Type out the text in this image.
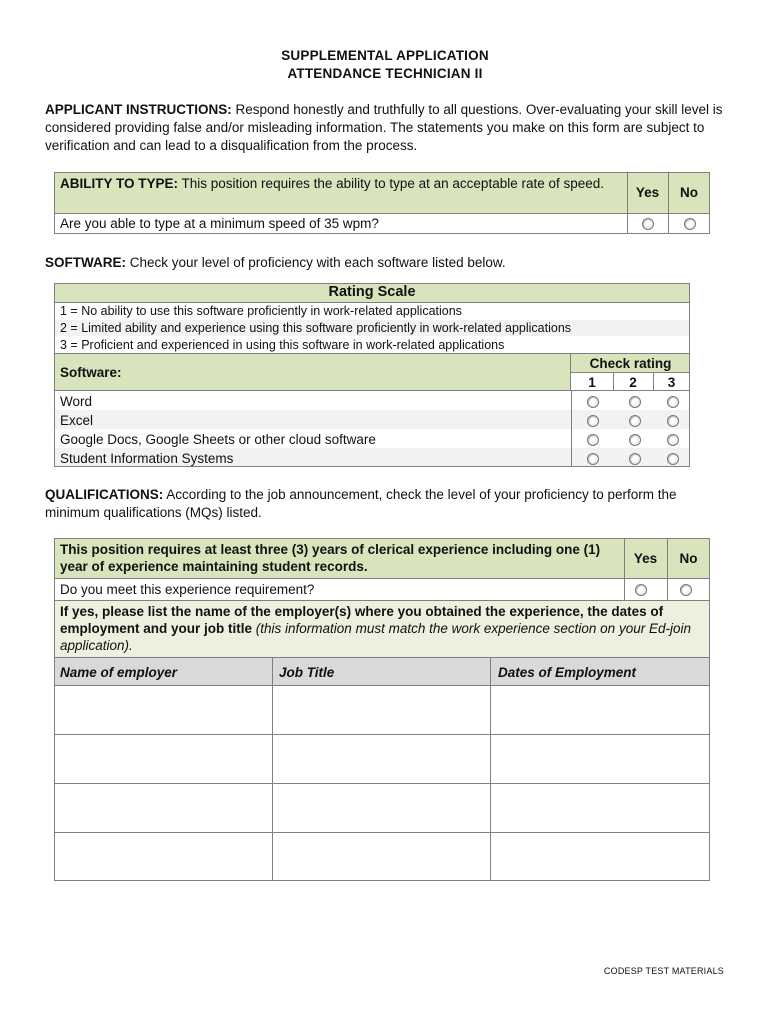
SUPPLEMENTAL APPLICATION
ATTENDANCE TECHNICIAN II
APPLICANT INSTRUCTIONS: Respond honestly and truthfully to all questions. Over-evaluating your skill level is considered providing false and/or misleading information. The statements you make on this form are subject to verification and can lead to a disqualification from the process.
ABILITY TO TYPE: This position requires the ability to type at an acceptable rate of speed.
Yes	No
Are you able to type at a minimum speed of 35 wpm?
SOFTWARE: Check your level of proficiency with each software listed below.
Rating Scale
1 = No ability to use this software proficiently in work-related applications
2 = Limited ability and experience using this software proficiently in work-related applications
3 = Proficient and experienced in using this software in work-related applications
Software:
Check rating
1	2	3
Word
Excel
Google Docs, Google Sheets or other cloud software
Student Information Systems
QUALIFICATIONS: According to the job announcement, check the level of your proficiency to perform the minimum qualifications (MQs) listed.
This position requires at least three (3) years of clerical experience including one (1) year of experience maintaining student records.
Yes	No
Do you meet this experience requirement?
If yes, please list the name of the employer(s) where you obtained the experience, the dates of employment and your job title (this information must match the work experience section on your Ed-join application).
Name of employer	Job Title	Dates of Employment
CODESP TEST MATERIALS
